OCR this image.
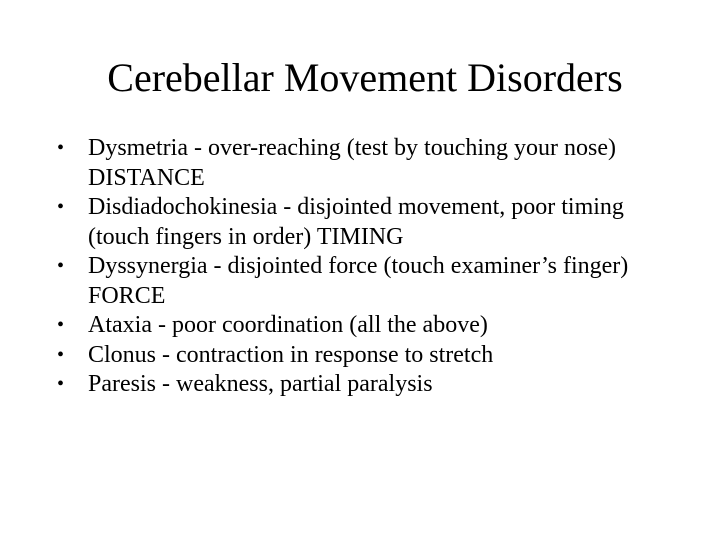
Cerebellar Movement Disorders
• Dysmetria - over-reaching (test by touching your nose)   DISTANCE
• Disdiadochokinesia - disjointed movement, poor timing (touch fingers in order) TIMING
• Dyssynergia - disjointed force (touch examiner’s finger) FORCE
• Ataxia - poor coordination (all the above)
• Clonus - contraction in response to stretch
• Paresis - weakness, partial paralysis
